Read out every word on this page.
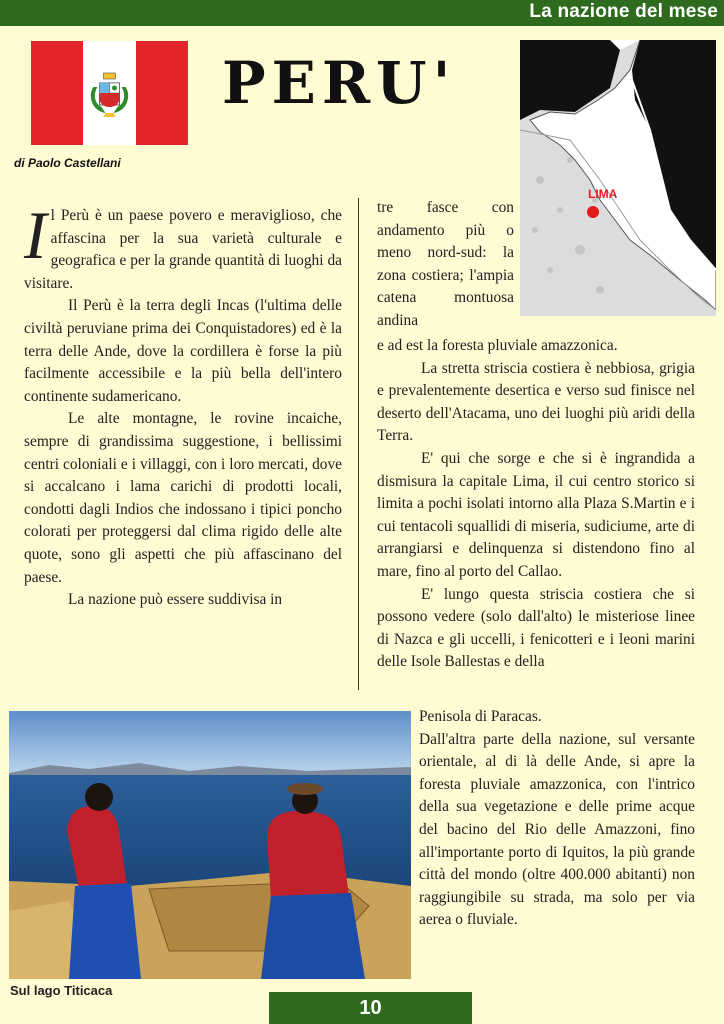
La nazione del mese
PERU'
di Paolo Castellani
LIMA

Il Perù è un paese povero e meraviglioso, che affascina per la sua varietà culturale e geografica e per la grande quantità di luoghi da visitare.

Il Perù è la terra degli Incas (l'ultima delle civiltà peruviane prima dei Conquistadores) ed è la terra delle Ande, dove la cordillera è forse la più facilmente accessibile e la più bella dell'intero continente sudamericano.

Le alte montagne, le rovine incaiche, sempre di grandissima suggestione, i bellissimi centri coloniali e i villaggi, con i loro mercati, dove si accalcano i lama carichi di prodotti locali, condotti dagli Indios che indossano i tipici poncho colorati per proteggersi dal clima rigido delle alte quote, sono gli aspetti che più affascinano del paese.

La nazione può essere suddivisa in

tre fasce con andamento più o meno nord-sud: la zona costiera; l'ampia catena montuosa andina

e ad est la foresta pluviale amazzonica.

La stretta striscia costiera è nebbiosa, grigia e prevalentemente desertica e verso sud finisce nel deserto dell'Atacama, uno dei luoghi più aridi della Terra.

E' qui che sorge e che si è ingrandida a dismisura la capitale Lima, il cui centro storico si limita a pochi isolati intorno alla Plaza S.Martin e i cui tentacoli squallidi di miseria, sudiciume, arte di arrangiarsi e delinquenza si distendono fino al mare, fino al porto del Callao.

E' lungo questa striscia costiera che si possono vedere (solo dall'alto) le misteriose linee di Nazca e gli uccelli, i fenicotteri e i leoni marini delle Isole Ballestas e della

Penisola di Paracas.

Dall'altra parte della nazione, sul versante orientale, al di là delle Ande, si apre la foresta pluviale amazzonica, con l'intrico della sua vegetazione e delle prime acque del bacino del Rio delle Amazzoni, fino all'importante porto di Iquitos, la più grande città del mondo (oltre 400.000 abitanti) non raggiungibile su strada, ma solo per via aerea o fluviale.

Sul lago Titicaca
10
